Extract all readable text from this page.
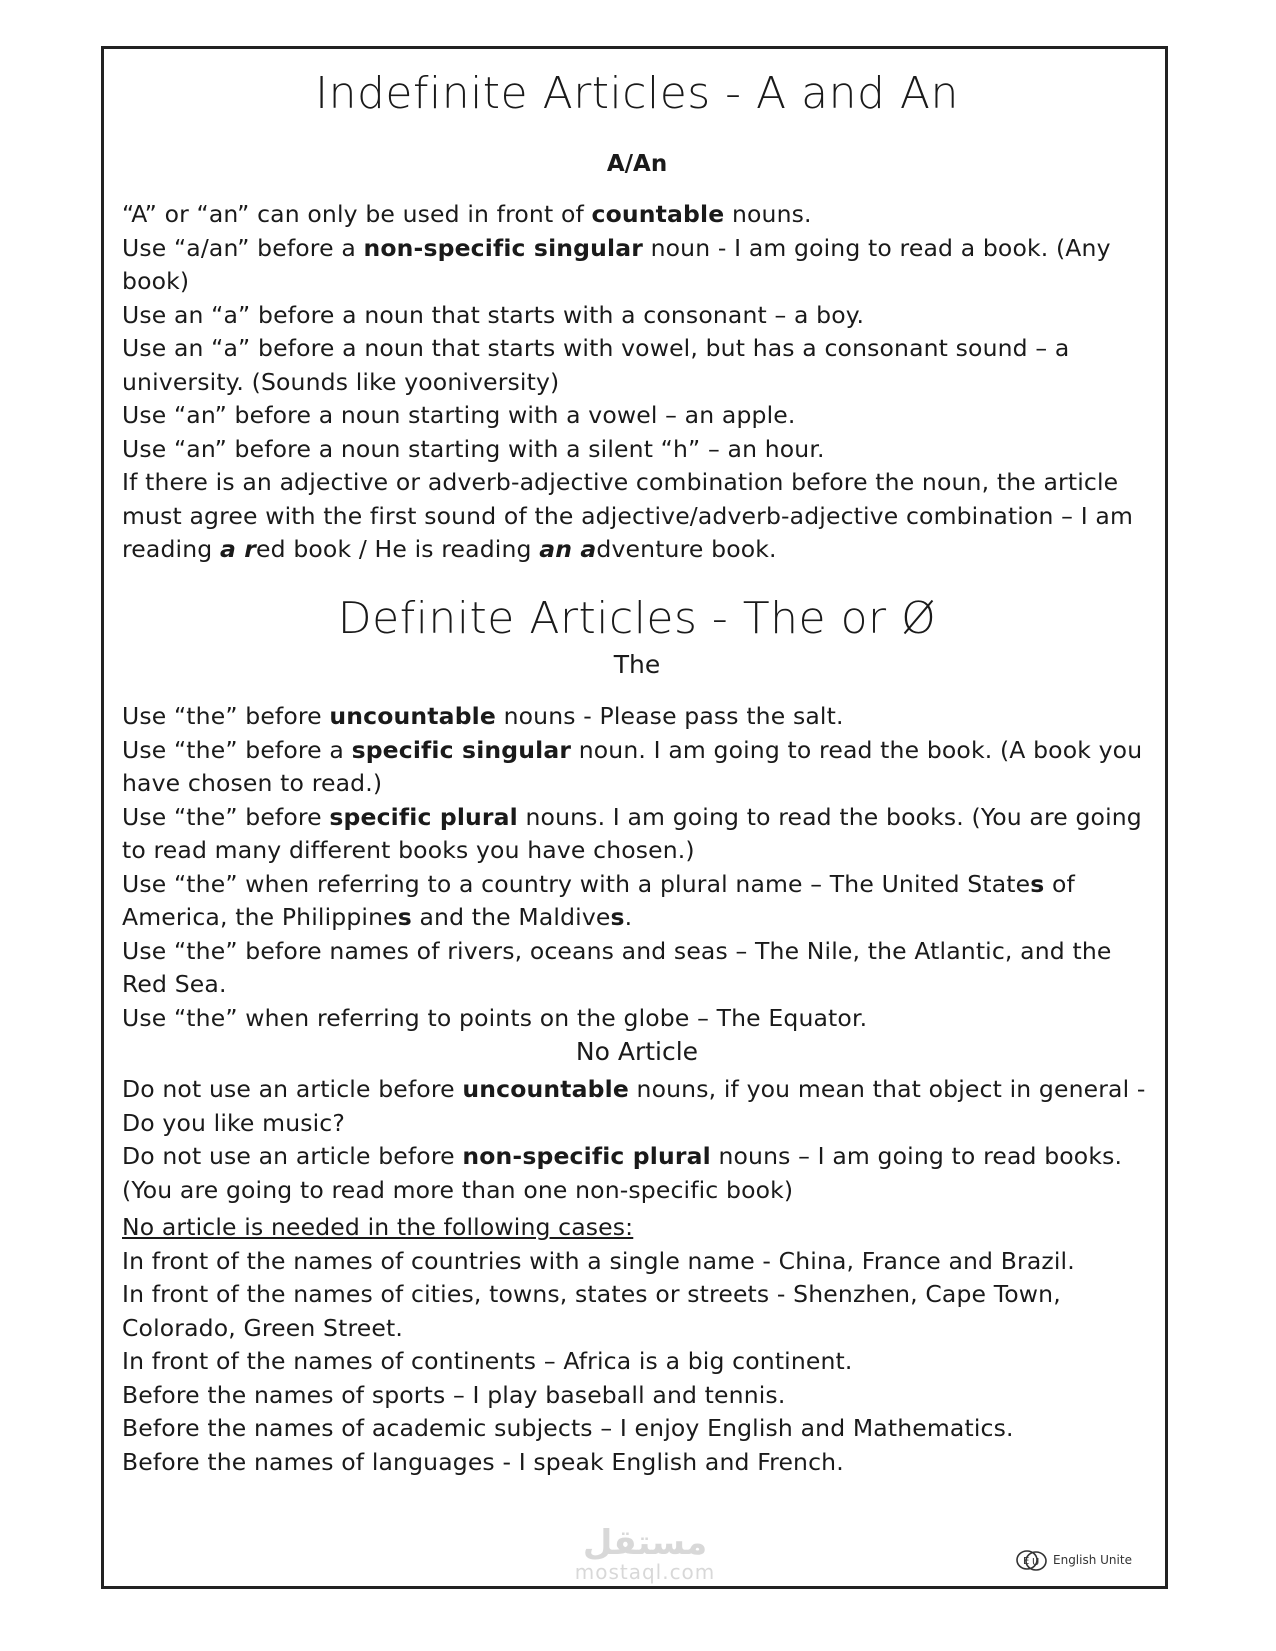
Indefinite Articles - A and An
A/An

“A” or “an” can only be used in front of countable nouns.

Use “a/an” before a non-specific singular noun - I am going to read a book. (Any book)

Use an “a” before a noun that starts with a consonant – a boy.

Use an “a” before a noun that starts with vowel, but has a consonant sound – a university. (Sounds like yooniversity)

Use “an” before a noun starting with a vowel – an apple.

Use “an” before a noun starting with a silent “h” – an hour.

If there is an adjective or adverb-adjective combination before the noun, the article must agree with the first sound of the adjective/adverb-adjective combination – I am reading a red book / He is reading an adventure book.

Definite Articles - The or Ø
The

Use “the” before uncountable nouns - Please pass the salt.

Use “the” before a specific singular noun. I am going to read the book. (A book you have chosen to read.)

Use “the” before specific plural nouns. I am going to read the books. (You are going to read many different books you have chosen.)

Use “the” when referring to a country with a plural name – The United States of America, the Philippines and the Maldives.

Use “the” before names of rivers, oceans and seas – The Nile, the Atlantic, and the Red Sea.

Use “the” when referring to points on the globe – The Equator.

No Article

Do not use an article before uncountable nouns, if you mean that object in general - Do you like music?

Do not use an article before non-specific plural nouns – I am going to read books. (You are going to read more than one non-specific book)

No article is needed in the following cases:

In front of the names of countries with a single name - China, France and Brazil.

In front of the names of cities, towns, states or streets - Shenzhen, Cape Town, Colorado, Green Street.

In front of the names of continents – Africa is a big continent.

Before the names of sports – I play baseball and tennis.

Before the names of academic subjects – I enjoy English and Mathematics.

Before the names of languages - I speak English and French.

مستقل
mostaql.com	E U English Unite
